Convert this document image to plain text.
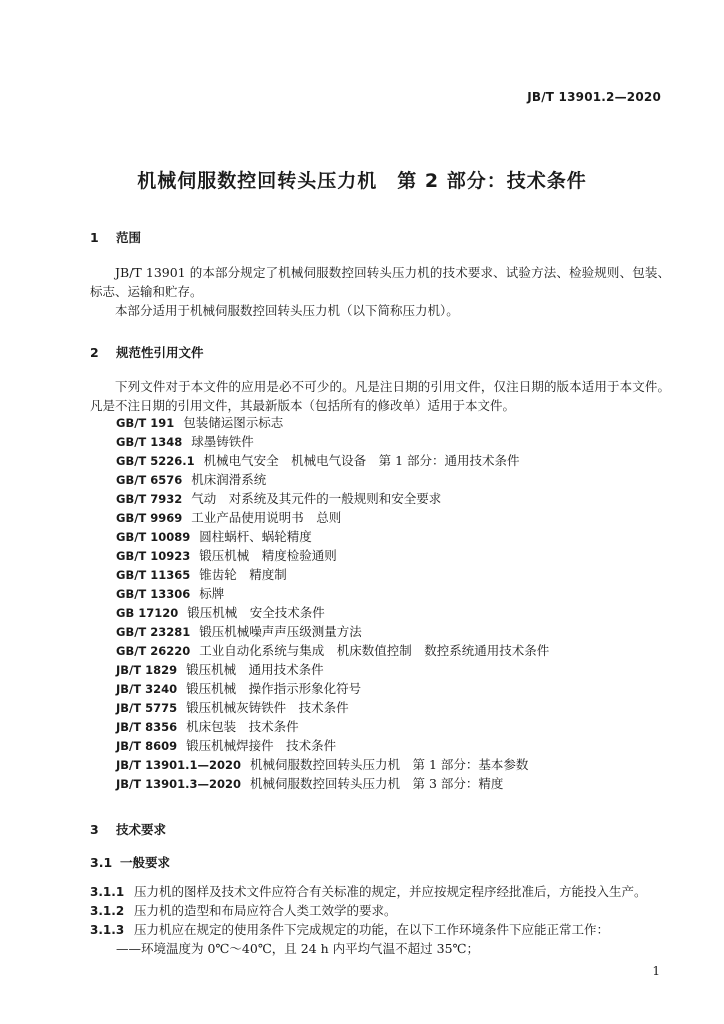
JB/T 13901.2—2020
机械伺服数控回转头压力机　第 2 部分：技术条件
1 范围
JB/T 13901 的本部分规定了机械伺服数控回转头压力机的技术要求、试验方法、检验规则、包装、标志、运输和贮存。
本部分适用于机械伺服数控回转头压力机（以下简称压力机）。
2 规范性引用文件
下列文件对于本文件的应用是必不可少的。凡是注日期的引用文件，仅注日期的版本适用于本文件。凡是不注日期的引用文件，其最新版本（包括所有的修改单）适用于本文件。
GB/T 191 包装储运图示标志
GB/T 1348 球墨铸铁件
GB/T 5226.1 机械电气安全　机械电气设备　第 1 部分：通用技术条件
GB/T 6576 机床润滑系统
GB/T 7932 气动　对系统及其元件的一般规则和安全要求
GB/T 9969 工业产品使用说明书　总则
GB/T 10089 圆柱蜗杆、蜗轮精度
GB/T 10923 锻压机械　精度检验通则
GB/T 11365 锥齿轮　精度制
GB/T 13306 标牌
GB 17120 锻压机械　安全技术条件
GB/T 23281 锻压机械噪声声压级测量方法
GB/T 26220 工业自动化系统与集成　机床数值控制　数控系统通用技术条件
JB/T 1829 锻压机械　通用技术条件
JB/T 3240 锻压机械　操作指示形象化符号
JB/T 5775 锻压机械灰铸铁件　技术条件
JB/T 8356 机床包装　技术条件
JB/T 8609 锻压机械焊接件　技术条件
JB/T 13901.1—2020 机械伺服数控回转头压力机　第 1 部分：基本参数
JB/T 13901.3—2020 机械伺服数控回转头压力机　第 3 部分：精度
3 技术要求
3.1 一般要求
3.1.1 压力机的图样及技术文件应符合有关标准的规定，并应按规定程序经批准后，方能投入生产。
3.1.2 压力机的造型和布局应符合人类工效学的要求。
3.1.3 压力机应在规定的使用条件下完成规定的功能，在以下工作环境条件下应能正常工作：
——环境温度为 0℃～40℃，且 24 h 内平均气温不超过 35℃；
1
